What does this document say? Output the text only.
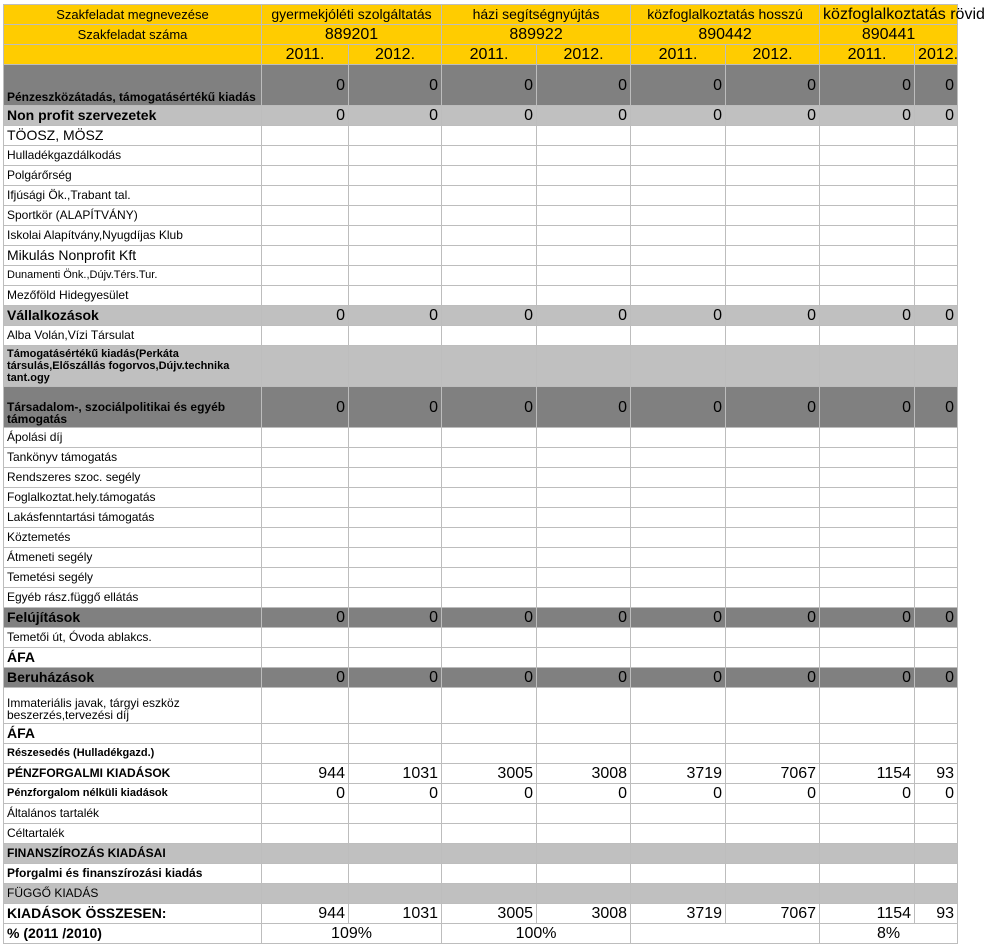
Szakfeladat megnevezése	gyermekjóléti szolgáltatás		házi segítségnyújtás		közfoglalkoztatás hosszú		közfoglalkoztatás rövid	
Szakfeladat száma	889201		889922		890442		890441	
	2011.	2012.	2011.	2012.	2011.	2012.	2011.	2012.
Pénzeszközátadás, támogatásértékű kiadás	0	0	0	0	0	0	0	0
Non profit szervezetek	0	0	0	0	0	0	0	0
TÖOSZ, MÖSZ								
Hulladékgazdálkodás								
Polgárőrség								
Ifjúsági Ök.,Trabant tal.								
Sportkör (ALAPÍTVÁNY)								
Iskolai Alapítvány,Nyugdíjas Klub								
Mikulás Nonprofit Kft								
Dunamenti Önk.,Dújv.Térs.Tur.								
Mezőföld Hidegyesület								
Vállalkozások	0	0	0	0	0	0	0	0
Alba Volán,Vízi Társulat								
Támogatásértékű kiadás(Perkáta társulás,Előszállás fogorvos,Dújv.technika tant.ogy								
Társadalom-, szociálpolitikai és egyéb támogatás	0	0	0	0	0	0	0	0
Ápolási díj								
Tankönyv támogatás								
Rendszeres szoc. segély								
Foglalkoztat.hely.támogatás								
Lakásfenntartási támogatás								
Köztemetés								
Átmeneti segély								
Temetési segély								
Egyéb rász.függő ellátás								
Felújítások	0	0	0	0	0	0	0	0
Temetői út, Óvoda ablakcs.								
ÁFA								
Beruházások	0	0	0	0	0	0	0	0
Immateriális javak, tárgyi eszköz beszerzés,tervezési díj								
ÁFA								
Részesedés (Hulladékgazd.)								
PÉNZFORGALMI KIADÁSOK	944	1031	3005	3008	3719	7067	1154	93
Pénzforgalom nélküli kiadások	0	0	0	0	0	0	0	0
Általános tartalék								
Céltartalék								
FINANSZÍROZÁS KIADÁSAI								
Pforgalmi és finanszírozási kiadás								
FÜGGŐ KIADÁS								
KIADÁSOK ÖSSZESEN:	944	1031	3005	3008	3719	7067	1154	93
% (2011 /2010)	109%		100%				8%	
